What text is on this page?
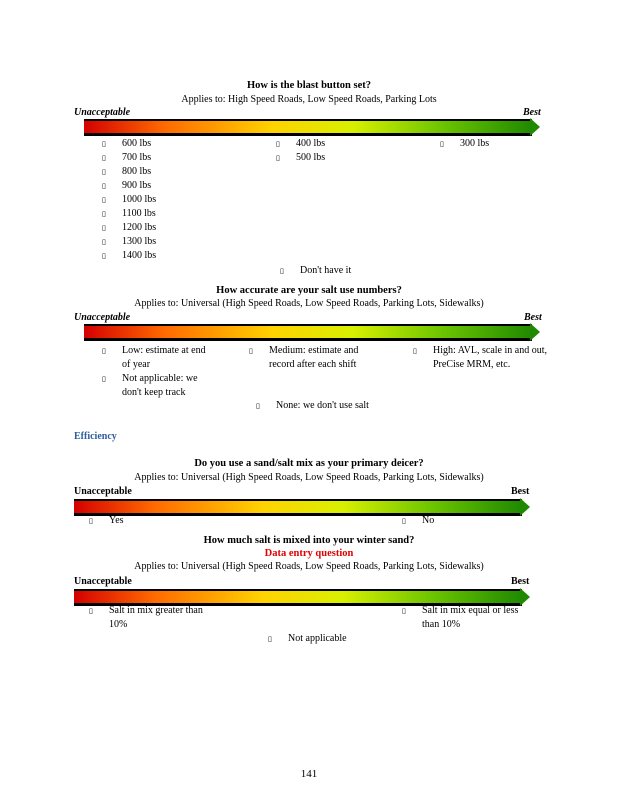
How is the blast button set?
Applies to: High Speed Roads, Low Speed Roads, Parking Lots
Unacceptable	Best
▯ 600 lbs
▯ 700 lbs
▯ 800 lbs
▯ 900 lbs
▯ 1000 lbs
▯ 1100 lbs
▯ 1200 lbs
▯ 1300 lbs
▯ 1400 lbs
▯ 400 lbs
▯ 500 lbs
▯ 300 lbs
▯ Don't have it
How accurate are your salt use numbers?
Applies to: Universal (High Speed Roads, Low Speed Roads, Parking Lots, Sidewalks)
Unacceptable	Best
▯ Low: estimate at end of year
▯ Not applicable: we don't keep track
▯ Medium: estimate and record after each shift
▯ High: AVL, scale in and out, PreCise MRM, etc.
▯ None: we don't use salt
Efficiency
Do you use a sand/salt mix as your primary deicer?
Applies to: Universal (High Speed Roads, Low Speed Roads, Parking Lots, Sidewalks)
Unacceptable	Best
▯ Yes	▯ No
How much salt is mixed into your winter sand?
Data entry question
Applies to: Universal (High Speed Roads, Low Speed Roads, Parking Lots, Sidewalks)
Unacceptable	Best
▯ Salt in mix greater than 10%
▯ Salt in mix equal or less than 10%
▯ Not applicable
141
